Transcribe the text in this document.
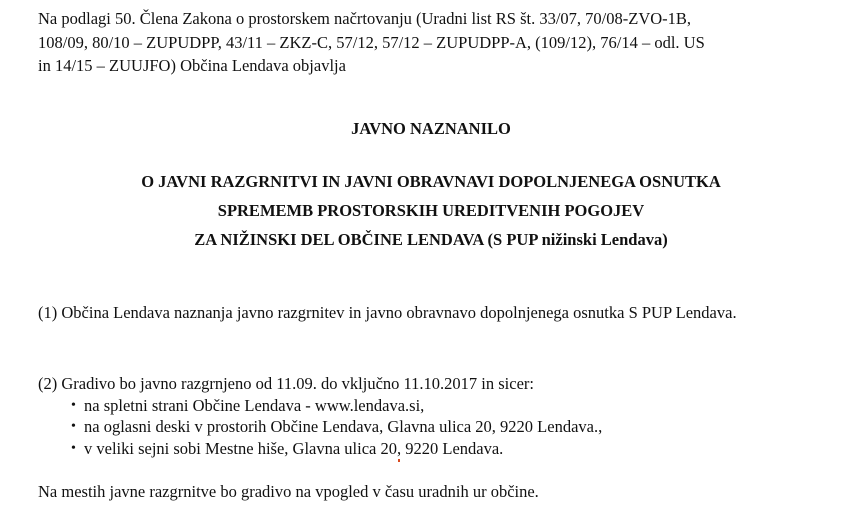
Na podlagi 50. Člena Zakona o prostorskem načrtovanju (Uradni list RS št. 33/07, 70/08-ZVO-1B,
108/09, 80/10 – ZUPUDPP, 43/11 – ZKZ-C, 57/12, 57/12 – ZUPUDPP-A, (109/12), 76/14 – odl. US
in 14/15 – ZUUJFO) Občina Lendava objavlja
JAVNO NAZNANILO
O JAVNI RAZGRNITVI IN JAVNI OBRAVNAVI DOPOLNJENEGA OSNUTKA
SPREMEMB PROSTORSKIH UREDITVENIH POGOJEV
ZA NIŽINSKI DEL OBČINE LENDAVA (S PUP nižinski Lendava)
(1) Občina Lendava naznanja javno razgrnitev in javno obravnavo dopolnjenega osnutka S PUP Lendava.
(2) Gradivo bo javno razgrnjeno od 11.09. do vključno 11.10.2017 in sicer:
• na spletni strani Občine Lendava - www.lendava.si,
• na oglasni deski v prostorih Občine Lendava, Glavna ulica 20, 9220 Lendava.,
• v veliki sejni sobi Mestne hiše, Glavna ulica 20, 9220 Lendava.
Na mestih javne razgrnitve bo gradivo na vpogled v času uradnih ur občine.
